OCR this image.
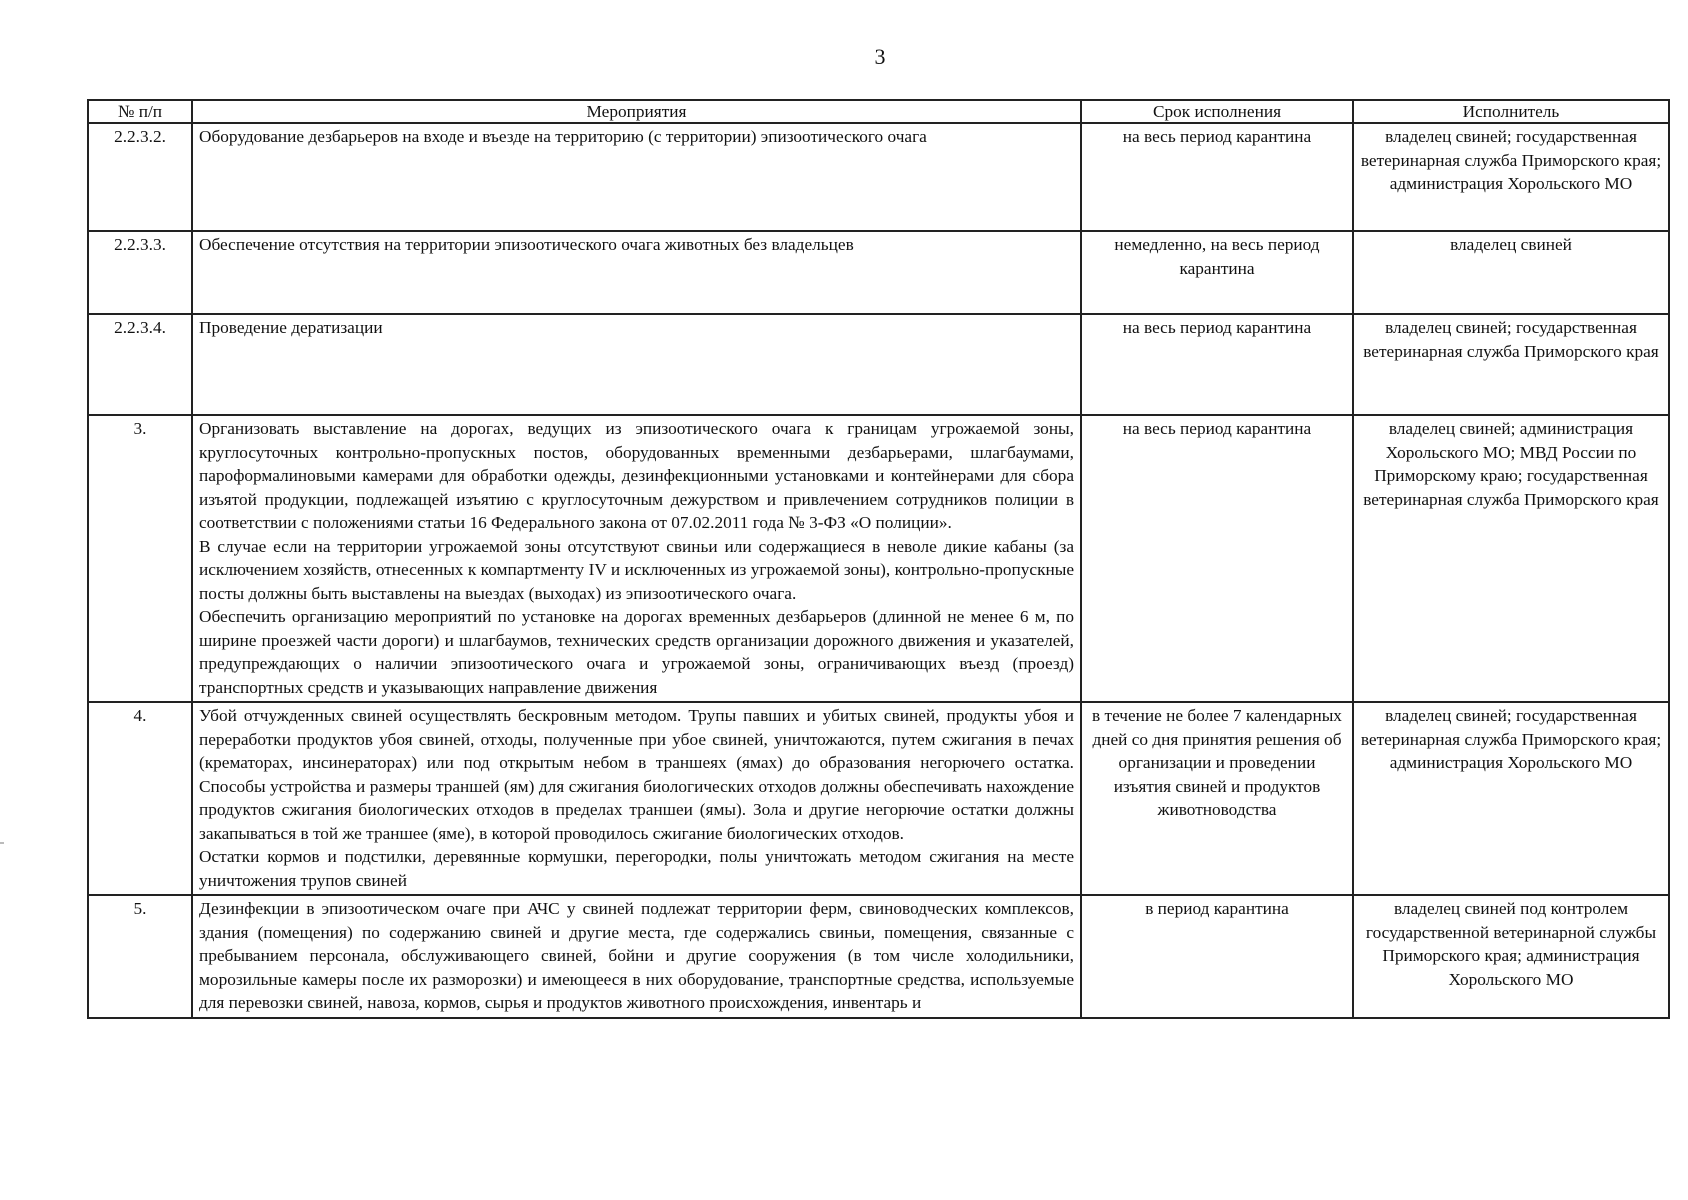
3
№ п/п	Мероприятия	Срок исполнения	Исполнитель
2.2.3.2.	Оборудование дезбарьеров на входе и въезде на территорию (с территории) эпизоотического очага	на весь период карантина	владелец свиней; государственная ветеринарная служба Приморского края; администрация Хорольского МО
2.2.3.3.	Обеспечение отсутствия на территории эпизоотического очага животных без владельцев	немедленно, на весь период карантина	владелец свиней
2.2.3.4.	Проведение дератизации	на весь период карантина	владелец свиней; государственная ветеринарная служба Приморского края
3.	Организовать выставление на дорогах, ведущих из эпизоотического очага к границам угрожаемой зоны, круглосуточных контрольно-пропускных постов, оборудованных временными дезбарьерами, шлагбаумами, пароформалиновыми камерами для обработки одежды, дезинфекционными установками и контейнерами для сбора изъятой продукции, подлежащей изъятию с круглосуточным дежурством и привлечением сотрудников полиции в соответствии с положениями статьи 16 Федерального закона от 07.02.2011 года № 3-ФЗ «О полиции».

В случае если на территории угрожаемой зоны отсутствуют свиньи или содержащиеся в неволе дикие кабаны (за исключением хозяйств, отнесенных к компартменту IV и исключенных из угрожаемой зоны), контрольно-пропускные посты должны быть выставлены на выездах (выходах) из эпизоотического очага.

Обеспечить организацию мероприятий по установке на дорогах временных дезбарьеров (длинной не менее 6 м, по ширине проезжей части дороги) и шлагбаумов, технических средств организации дорожного движения и указателей, предупреждающих о наличии эпизоотического очага и угрожаемой зоны, ограничивающих въезд (проезд) транспортных средств и указывающих направление движения	на весь период карантина	владелец свиней; администрация Хорольского МО; МВД России по Приморскому краю; государственная ветеринарная служба Приморского края
4.	Убой отчужденных свиней осуществлять бескровным методом. Трупы павших и убитых свиней, продукты убоя и переработки продуктов убоя свиней, отходы, полученные при убое свиней, уничтожаются, путем сжигания в печах (крематорах, инсинераторах) или под открытым небом в траншеях (ямах) до образования негорючего остатка. Способы устройства и размеры траншей (ям) для сжигания биологических отходов должны обеспечивать нахождение продуктов сжигания биологических отходов в пределах траншеи (ямы). Зола и другие негорючие остатки должны закапываться в той же траншее (яме), в которой проводилось сжигание биологических отходов.

Остатки кормов и подстилки, деревянные кормушки, перегородки, полы уничтожать методом сжигания на месте уничтожения трупов свиней	в течение не более 7 календарных дней со дня принятия решения об организации и проведении изъятия свиней и продуктов животноводства	владелец свиней; государственная ветеринарная служба Приморского края; администрация Хорольского МО
5.	Дезинфекции в эпизоотическом очаге при АЧС у свиней подлежат территории ферм, свиноводческих комплексов, здания (помещения) по содержанию свиней и другие места, где содержались свиньи, помещения, связанные с пребыванием персонала, обслуживающего свиней, бойни и другие сооружения (в том числе холодильники, морозильные камеры после их разморозки) и имеющееся в них оборудование, транспортные средства, используемые для перевозки свиней, навоза, кормов, сырья и продуктов животного происхождения, инвентарь и	в период карантина	владелец свиней под контролем государственной ветеринарной службы Приморского края; администрация Хорольского МО
